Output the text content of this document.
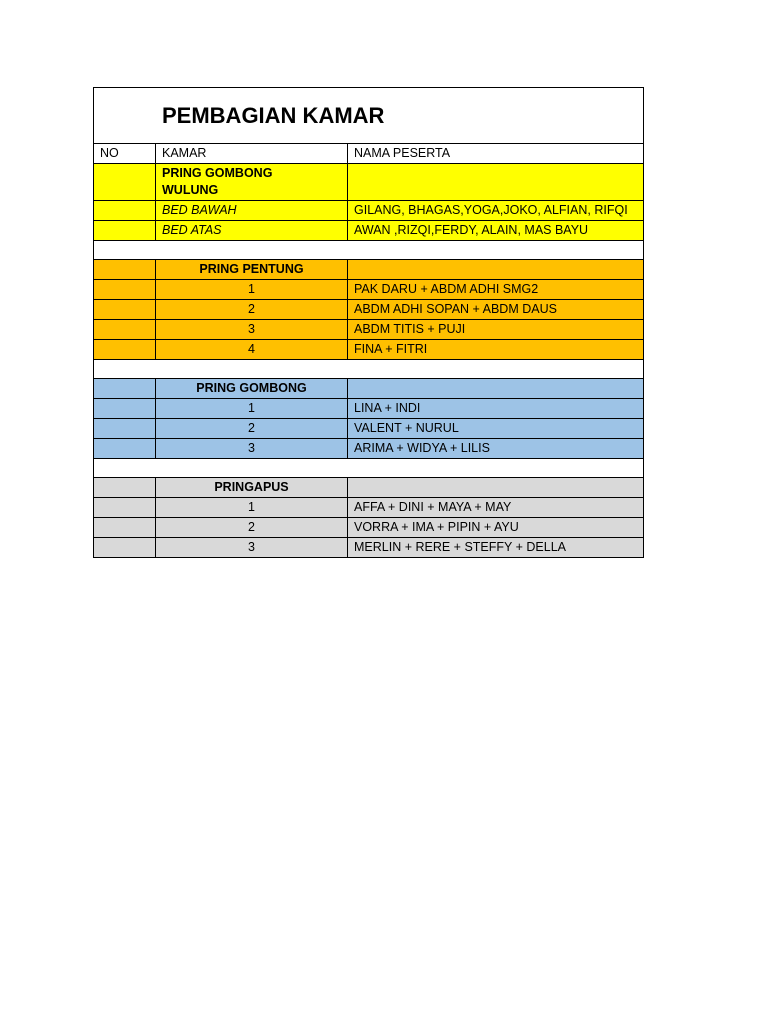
PEMBAGIAN KAMAR		
NO	KAMAR	NAMA PESERTA

	PRING GOMBONG
WULUNG	

	BED BAWAH	GILANG, BHAGAS,YOGA,JOKO, ALFIAN, RIFQI
	BED ATAS	AWAN ,RIZQI,FERDY, ALAIN, MAS BAYU

	PRING PENTUNG	
	1	PAK DARU + ABDM ADHI SMG2
	2	ABDM ADHI SOPAN + ABDM DAUS
	3	ABDM TITIS + PUJI
	4	FINA + FITRI

	PRING GOMBONG	
	1	LINA + INDI
	2	VALENT + NURUL
	3	ARIMA + WIDYA + LILIS

	PRINGAPUS	
	1	AFFA + DINI + MAYA + MAY
	2	VORRA + IMA + PIPIN + AYU
	3	MERLIN + RERE + STEFFY + DELLA
